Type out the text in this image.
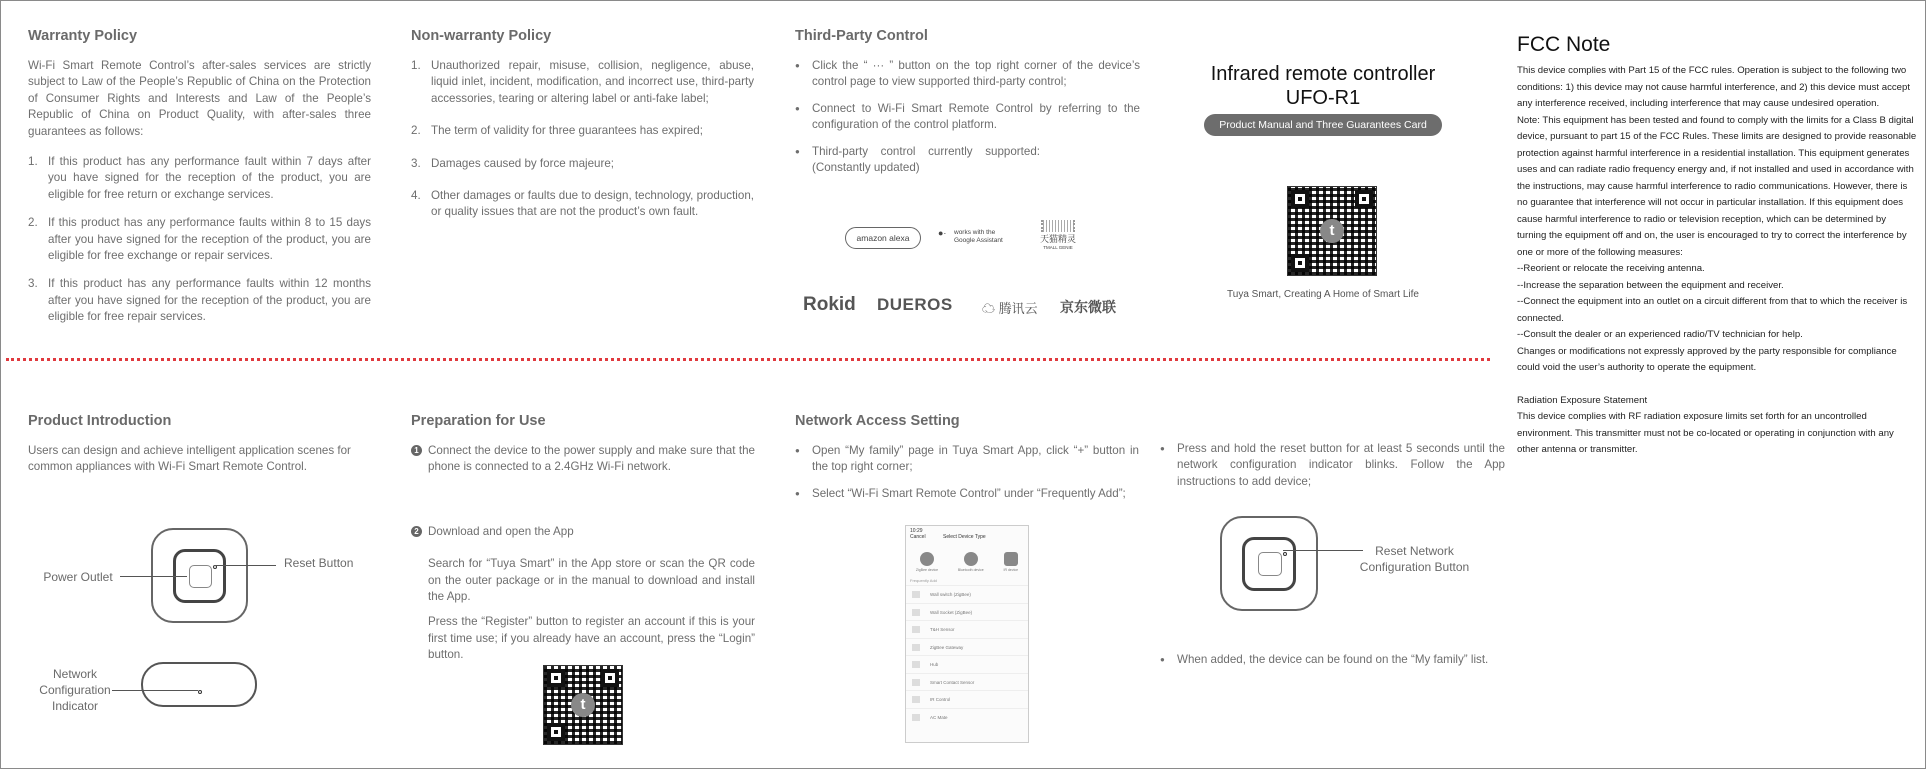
Warranty Policy

Wi-Fi Smart Remote Control’s after-sales services are strictly subject to Law of the People’s Republic of China on the Protection of Consumer Rights and Interests and Law of the People’s Republic of China on Product Quality, with after-sales three guarantees as follows:

1. If this product has any performance fault within 7 days after you have signed for the reception of the product, you are eligible for free return or exchange services.
2. If this product has any performance faults within 8 to 15 days after you have signed for the reception of the product, you are eligible for free exchange or repair services.
3. If this product has any performance faults within 12 months after you have signed for the reception of the product, you are eligible for free repair services.
Non-warranty Policy
1. Unauthorized repair, misuse, collision, negligence, abuse, liquid inlet, incident, modification, and incorrect use, third-party accessories, tearing or altering label or anti-fake label;
2. The term of validity for three guarantees has expired;
3. Damages caused by force majeure;
4. Other damages or faults due to design, technology, production, or quality issues that are not the product’s own fault.
Third-Party Control
● Click the “ ··· ” button on the top right corner of the device’s control page to view supported third-party control;
● Connect to Wi-Fi Smart Remote Control by referring to the configuration of the control platform.
● Third-party control currently supported: (Constantly updated)
amazon alexa	●· works with the Google Assistant	天猫精灵
TMALL GENIE
Rokid DUEROS ☁ 腾讯云 京东微联
Infrared remote controller
UFO-R1
Product Manual and Three Guarantees Card
t
Tuya Smart, Creating A Home of Smart Life
FCC Note

This device complies with Part 15 of the FCC rules. Operation is subject to the following two conditions: 1) this device may not cause harmful interference, and 2) this device must accept any interference received, including interference that may cause undesired operation.

Note: This equipment has been tested and found to comply with the limits for a Class B digital device, pursuant to part 15 of the FCC Rules. These limits are designed to provide reasonable protection against harmful interference in a residential installation. This equipment generates uses and can radiate radio frequency energy and, if not installed and used in accordance with the instructions, may cause harmful interference to radio communications. However, there is no guarantee that interference will not occur in particular installation. If this equipment does cause harmful interference to radio or television reception, which can be determined by turning the equipment off and on, the user is encouraged to try to correct the interference by one or more of the following measures:

--Reorient or relocate the receiving antenna.

--Increase the separation between the equipment and receiver.

--Connect the equipment into an outlet on a circuit different from that to which the receiver is connected.

--Consult the dealer or an experienced radio/TV technician for help.

Changes or modifications not expressly approved by the party responsible for compliance could void the user’s authority to operate the equipment.

Radiation Exposure Statement

This device complies with RF radiation exposure limits set forth for an uncontrolled environment. This transmitter must not be co-located or operating in conjunction with any other antenna or transmitter.

Product Introduction

Users can design and achieve intelligent application scenes for common appliances with Wi-Fi Smart Remote Control.

Power Outlet
Reset Button
Network
Configuration
Indicator
Preparation for Use
1 Connect the device to the power supply and make sure that the phone is connected to a 2.4GHz Wi-Fi network.

2 Download and open the App

Search for “Tuya Smart” in the App store or scan the QR code on the outer package or in the manual to download and install the App.

Press the “Register” button to register an account if this is your first time use; if you already have an account, press the “Login” button.

t
Network Access Setting
● Open “My family” page in Tuya Smart App, click “+” button in the top right corner;
● Select “Wi-Fi Smart Remote Control” under “Frequently Add”;
10:29
Cancel	Select Device Type
ZigBee device	Bluetooth device	IR device
Frequently Add
Wall switch (ZigBee)
Wall Socket (ZigBee)
T&H Sensor
ZigBee Gateway
Hub
Smart Contact Sensor
IR Control
AC Mate
● Press and hold the reset button for at least 5 seconds until the network configuration indicator blinks. Follow the App instructions to add device;
Reset Network
Configuration Button
● When added, the device can be found on the “My family” list.
